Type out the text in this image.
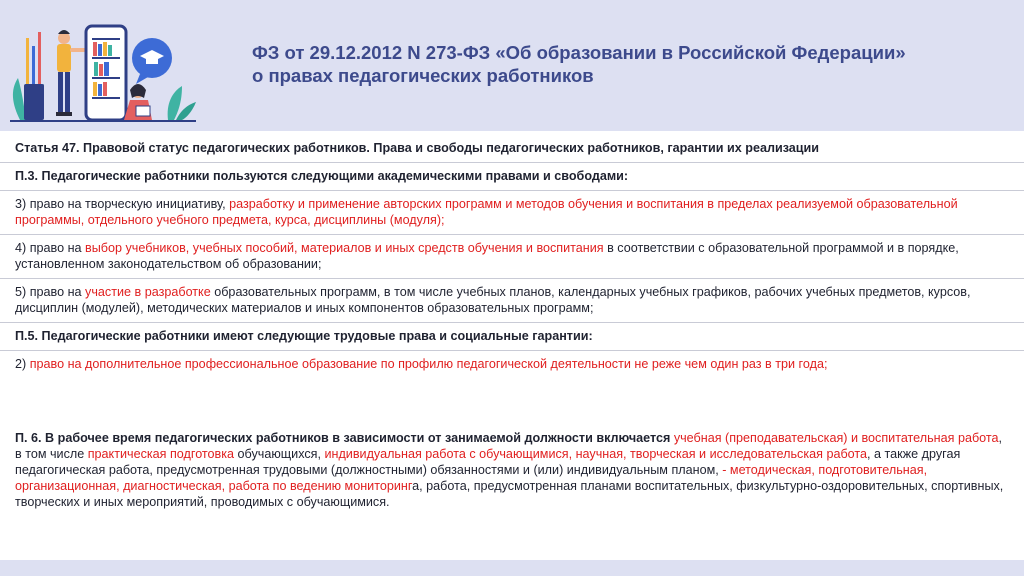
ФЗ от 29.12.2012 N 273-ФЗ «Об образовании в Российской Федерации»
о правах педагогических работников

Статья 47. Правовой статус педагогических работников. Права и свободы педагогических работников, гарантии их реализации

П.3. Педагогические работники пользуются следующими академическими правами и свободами:

3) право на творческую инициативу, разработку и применение авторских программ и методов обучения и воспитания в пределах реализуемой образовательной программы, отдельного учебного предмета, курса, дисциплины (модуля);

4) право на выбор учебников, учебных пособий, материалов и иных средств обучения и воспитания в соответствии с образовательной программой и в порядке, установленном законодательством об образовании;

5) право на участие в разработке образовательных программ, в том числе учебных планов, календарных учебных графиков, рабочих учебных предметов, курсов, дисциплин (модулей), методических материалов и иных компонентов образовательных программ;

П.5. Педагогические работники имеют следующие трудовые права и социальные гарантии:

2) право на дополнительное профессиональное образование по профилю педагогической деятельности не реже чем один раз в три года;

П. 6. В рабочее время педагогических работников в зависимости от занимаемой должности включается учебная (преподавательская) и воспитательная работа, в том числе практическая подготовка обучающихся, индивидуальная работа с обучающимися, научная, творческая и исследовательская работа, а также другая педагогическая работа, предусмотренная трудовыми (должностными) обязанностями и (или) индивидуальным планом, - методическая, подготовительная, организационная, диагностическая, работа по ведению мониторинга, работа, предусмотренная планами воспитательных, физкультурно-оздоровительных, спортивных, творческих и иных мероприятий, проводимых с обучающимися.
